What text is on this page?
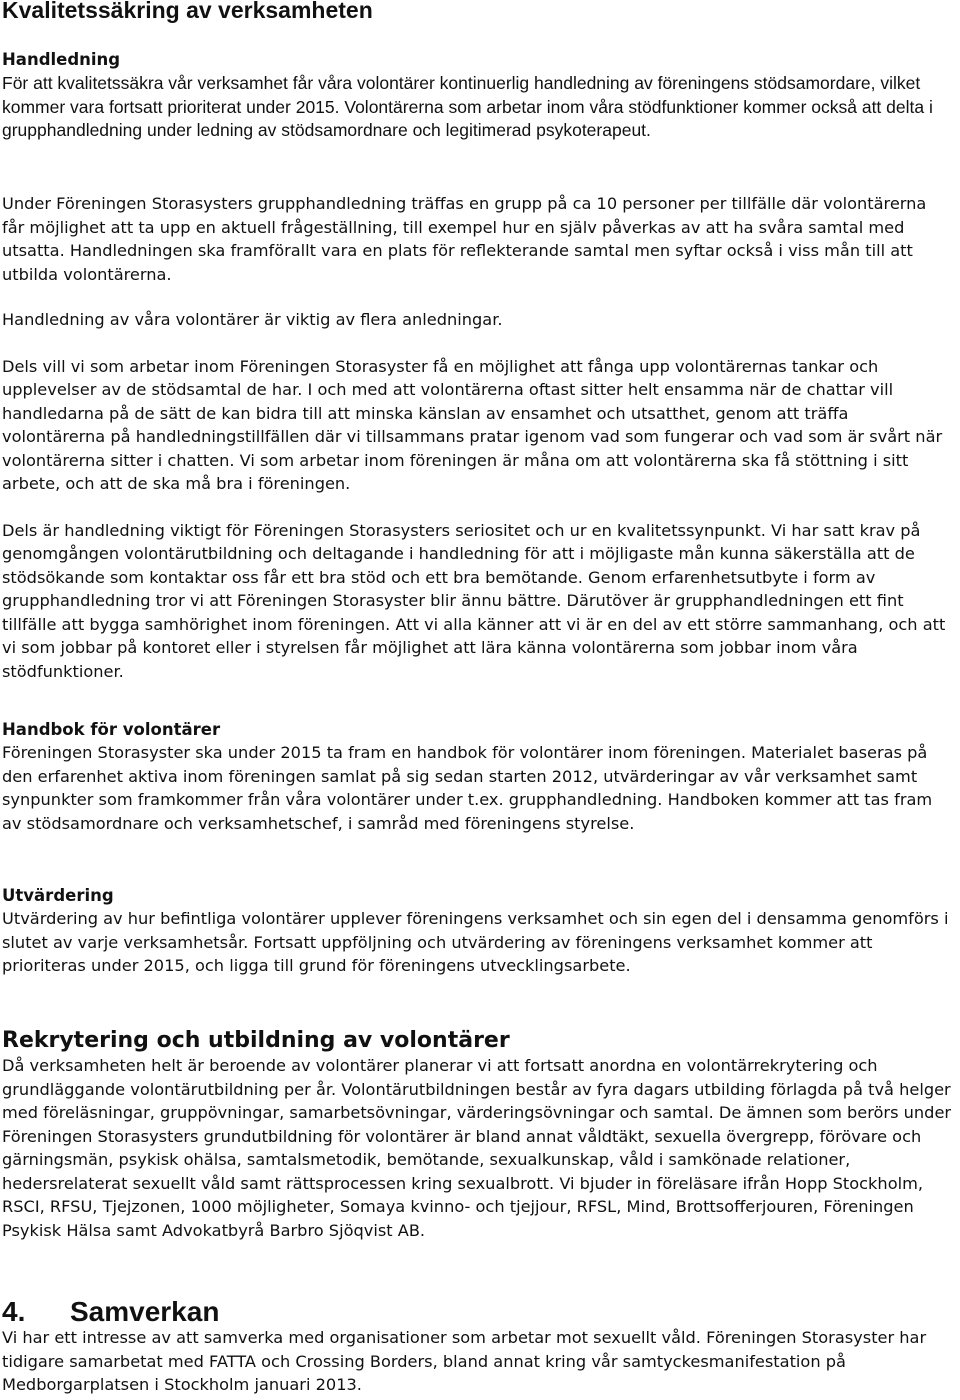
Kvalitetssäkring av verksamheten
Handledning

För att kvalitetssäkra vår verksamhet får våra volontärer kontinuerlig handledning av föreningens stödsamordare, vilket kommer vara fortsatt prioriterat under 2015. Volontärerna som arbetar inom våra stödfunktioner kommer också att delta i grupphandledning under ledning av stödsamordnare och legitimerad psykoterapeut.

Under Föreningen Storasysters grupphandledning träffas en grupp på ca 10 personer per tillfälle där volontärerna får möjlighet att ta upp en aktuell frågeställning, till exempel hur en själv påverkas av att ha svåra samtal med utsatta. Handledningen ska framförallt vara en plats för reflekterande samtal men syftar också i viss mån till att utbilda volontärerna.

Handledning av våra volontärer är viktig av flera anledningar.

Dels vill vi som arbetar inom Föreningen Storasyster få en möjlighet att fånga upp volontärernas tankar och upplevelser av de stödsamtal de har. I och med att volontärerna oftast sitter helt ensamma när de chattar vill handledarna på de sätt de kan bidra till att minska känslan av ensamhet och utsatthet, genom att träffa volontärerna på handledningstillfällen där vi tillsammans pratar igenom vad som fungerar och vad som är svårt när volontärerna sitter i chatten. Vi som arbetar inom föreningen är måna om att volontärerna ska få stöttning i sitt arbete, och att de ska må bra i föreningen.

Dels är handledning viktigt för Föreningen Storasysters seriositet och ur en kvalitetssynpunkt. Vi har satt krav på genomgången volontärutbildning och deltagande i handledning för att i möjligaste mån kunna säkerställa att de stödsökande som kontaktar oss får ett bra stöd och ett bra bemötande. Genom erfarenhetsutbyte i form av grupphandledning tror vi att Föreningen Storasyster blir ännu bättre. Därutöver är grupphandledningen ett fint tillfälle att bygga samhörighet inom föreningen. Att vi alla känner att vi är en del av ett större sammanhang, och att vi som jobbar på kontoret eller i styrelsen får möjlighet att lära känna volontärerna som jobbar inom våra stödfunktioner.

Handbok för volontärer

Föreningen Storasyster ska under 2015 ta fram en handbok för volontärer inom föreningen. Materialet baseras på den erfarenhet aktiva inom föreningen samlat på sig sedan starten 2012, utvärderingar av vår verksamhet samt synpunkter som framkommer från våra volontärer under t.ex. grupphandledning. Handboken kommer att tas fram av stödsamordnare och verksamhetschef, i samråd med föreningens styrelse.

Utvärdering

Utvärdering av hur befintliga volontärer upplever föreningens verksamhet och sin egen del i densamma genomförs i slutet av varje verksamhetsår. Fortsatt uppföljning och utvärdering av föreningens verksamhet kommer att prioriteras under 2015, och ligga till grund för föreningens utvecklingsarbete.

Rekrytering och utbildning av volontärer

Då verksamheten helt är beroende av volontärer planerar vi att fortsatt anordna en volontärrekrytering och grundläggande volontärutbildning per år. Volontärutbildningen består av fyra dagars utbilding förlagda på två helger med föreläsningar, gruppövningar, samarbetsövningar, värderingsövningar och samtal. De ämnen som berörs under Föreningen Storasysters grundutbildning för volontärer är bland annat våldtäkt, sexuella övergrepp, förövare och gärningsmän, psykisk ohälsa, samtalsmetodik, bemötande, sexualkunskap, våld i samkönade relationer, hedersrelaterat sexuellt våld samt rättsprocessen kring sexualbrott. Vi bjuder in föreläsare ifrån Hopp Stockholm, RSCI, RFSU, Tjejzonen, 1000 möjligheter, Somaya kvinno- och tjejjour, RFSL, Mind, Brottsofferjouren, Föreningen Psykisk Hälsa samt Advokatbyrå Barbro Sjöqvist AB.

4. Samverkan

Vi har ett intresse av att samverka med organisationer som arbetar mot sexuellt våld. Föreningen Storasyster har tidigare samarbetat med FATTA och Crossing Borders, bland annat kring vår samtyckesmanifestation på Medborgarplatsen i Stockholm januari 2013.
